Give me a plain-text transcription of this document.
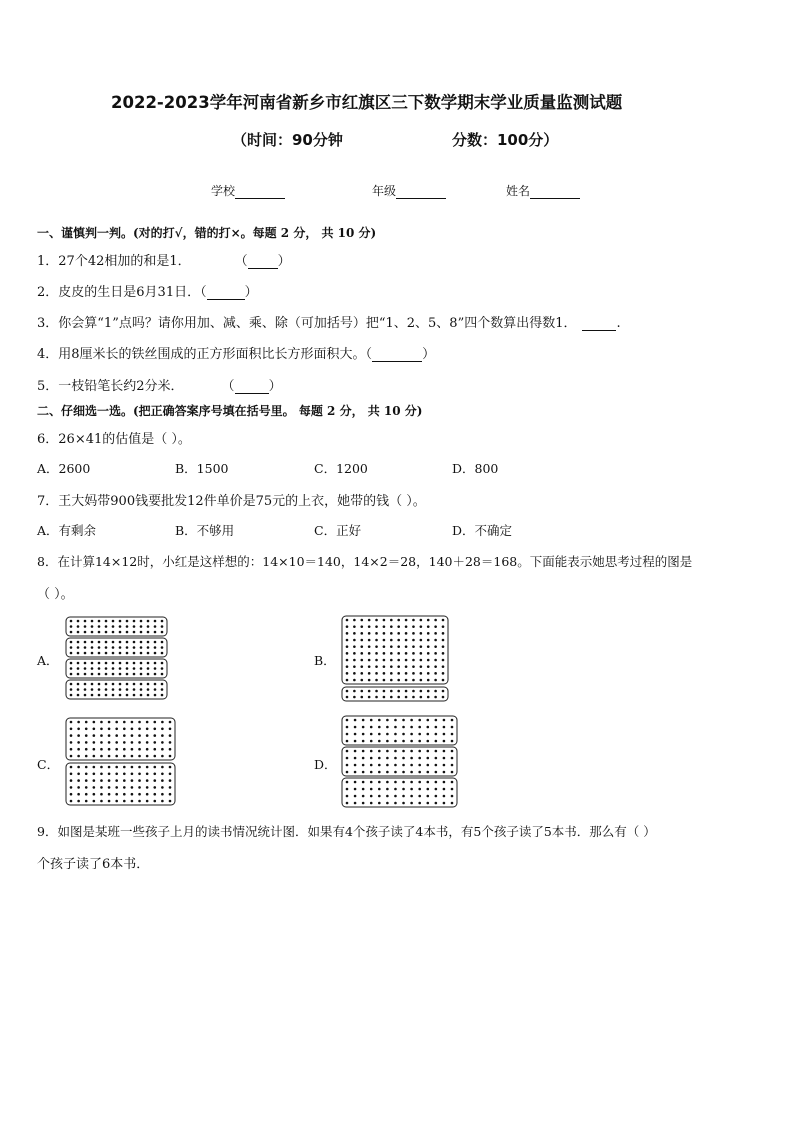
2022-2023学年河南省新乡市红旗区三下数学期末学业质量监测试题
（时间：90分钟	分数：100分）
学校	年级	姓名
一、谨慎判一判。(对的打√，错的打×。每题 2 分， 共 10 分)
1．27个42相加的和是1．	（ ）
2．皮皮的生日是6月31日．（	）
3．你会算“1”点吗？请你用加、减、乘、除（可加括号）把“1、2、5、8”四个数算出得数1．	.
4．用8厘米长的铁丝围成的正方形面积比长方形面积大。（	）
5．一枝铅笔长约2分米．	（	）
二、仔细选一选。(把正确答案序号填在括号里。 每题 2 分， 共 10 分)
6．26×41的估值是（ ）。
A．2600	B．1500	C．1200	D．800
7．王大妈带900钱要批发12件单价是75元的上衣，她带的钱（ ）。
A．有剩余	B．不够用	C．正好	D．不确定
8．在计算14×12时，小红是这样想的：14×10＝140，14×2＝28，140＋28＝168。下面能表示她思考过程的图是
（ ）。
A．	B．
C．	D．
9．如图是某班一些孩子上月的读书情况统计图．如果有4个孩子读了4本书，有5个孩子读了5本书．那么有（ ）
个孩子读了6本书．
